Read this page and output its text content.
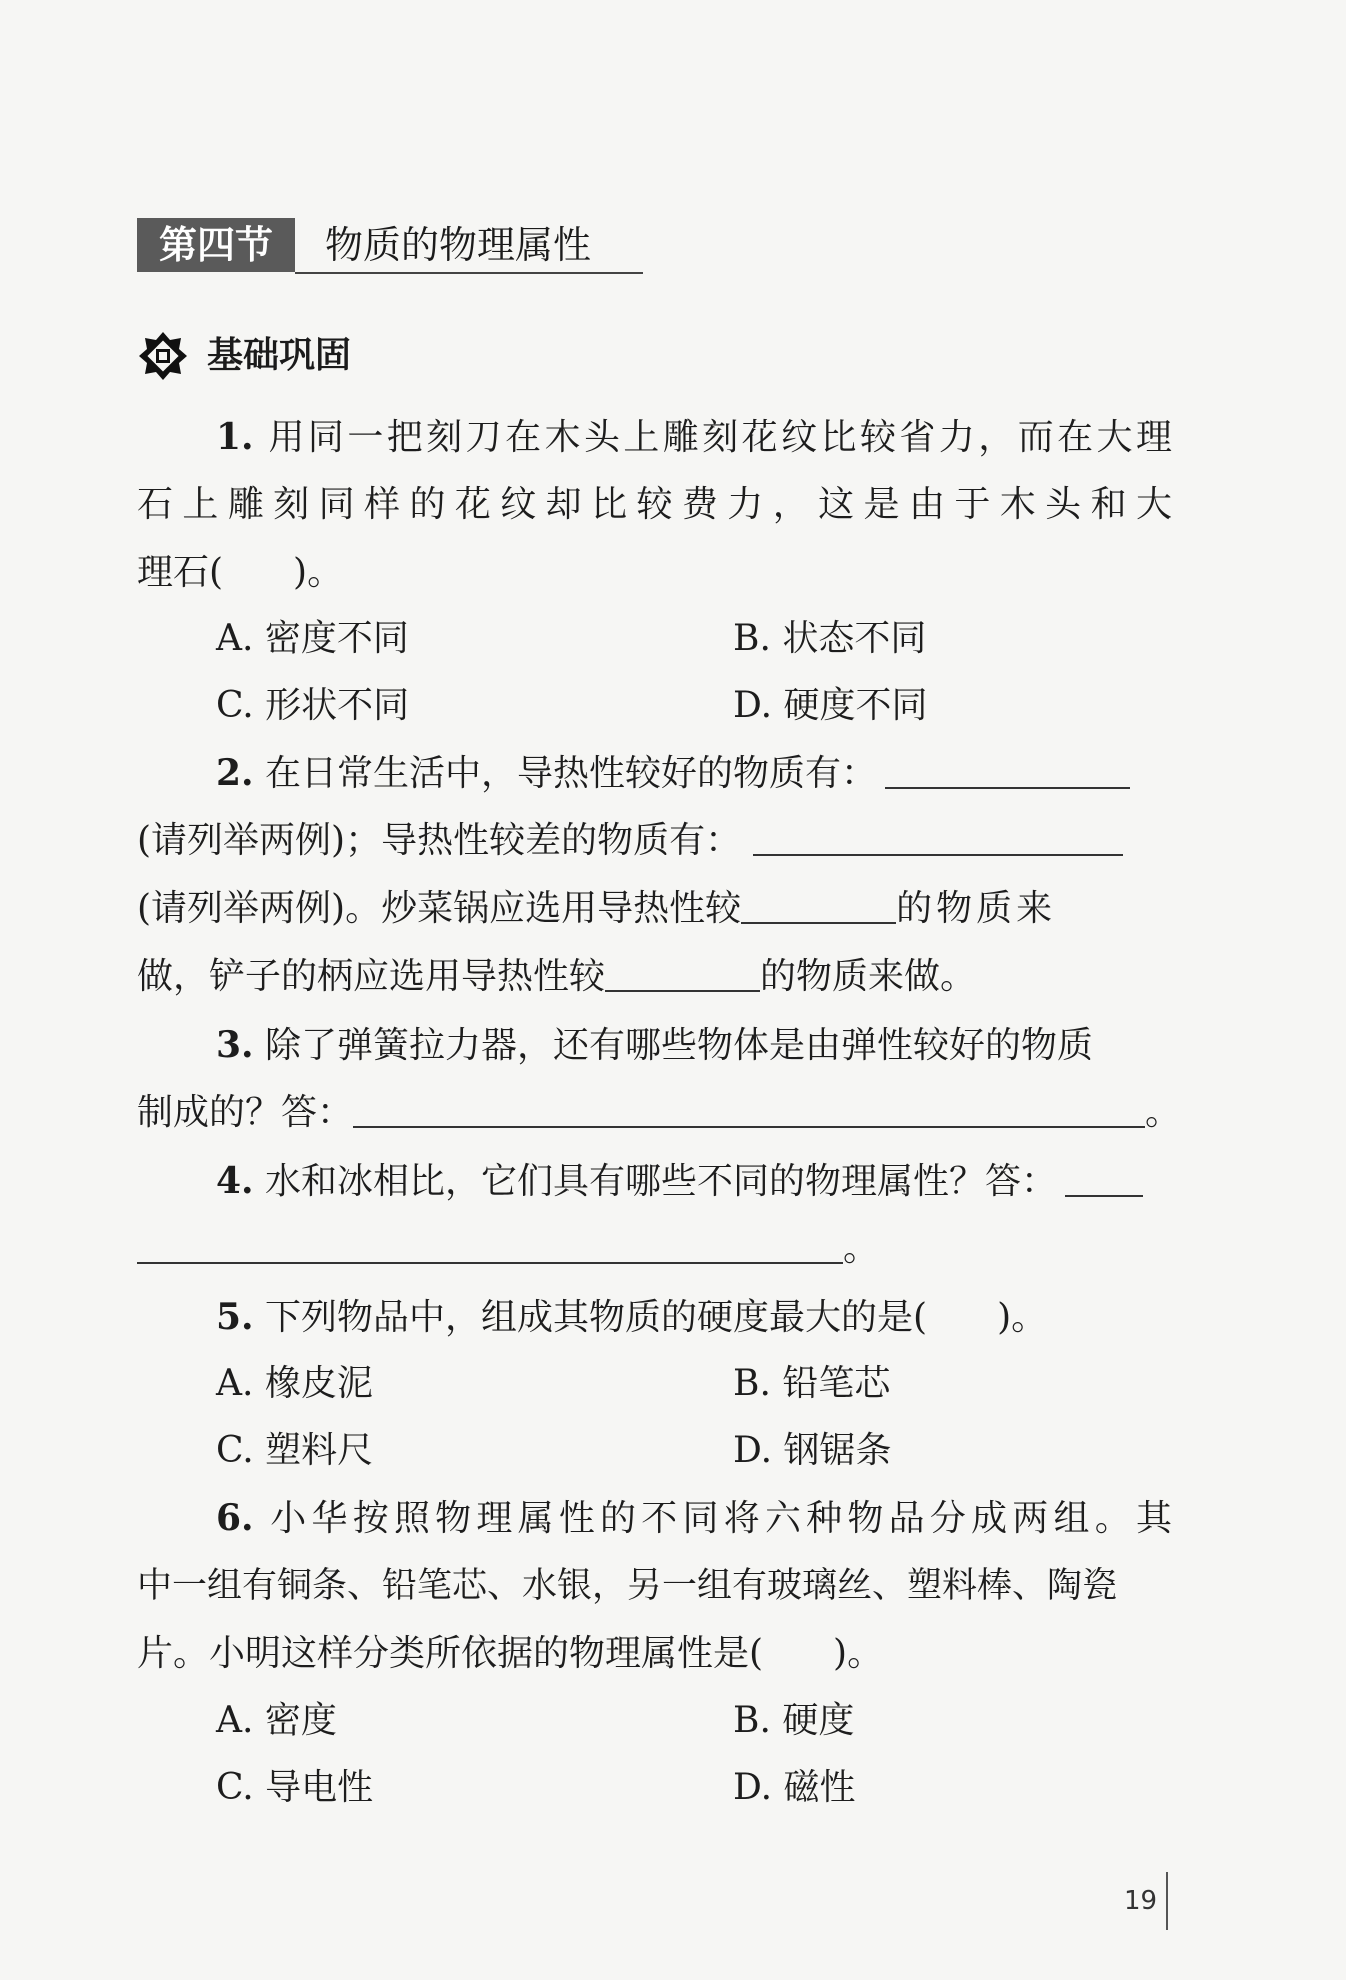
第四节	物质的物理属性
基础巩固
1. 用同一把刻刀在木头上雕刻花纹比较省力，而在大理
石上雕刻同样的花纹却比较费力，这是由于木头和大
理石( )。
A. 密度不同	B. 状态不同
C. 形状不同	D. 硬度不同
2. 在日常生活中，导热性较好的物质有：
(请列举两例)；导热性较差的物质有：
(请列举两例)。炒菜锅应选用导热性较	的物质来
做，铲子的柄应选用导热性较	的物质来做。
3. 除了弹簧拉力器，还有哪些物体是由弹性较好的物质
制成的？答：	。
4. 水和冰相比，它们具有哪些不同的物理属性？答：
。
5. 下列物品中，组成其物质的硬度最大的是( )。
A. 橡皮泥	B. 铅笔芯
C. 塑料尺	D. 钢锯条
6. 小华按照物理属性的不同将六种物品分成两组。其
中一组有铜条、铅笔芯、水银，另一组有玻璃丝、塑料棒、陶瓷
片。小明这样分类所依据的物理属性是( )。
A. 密度	B. 硬度
C. 导电性	D. 磁性
19
